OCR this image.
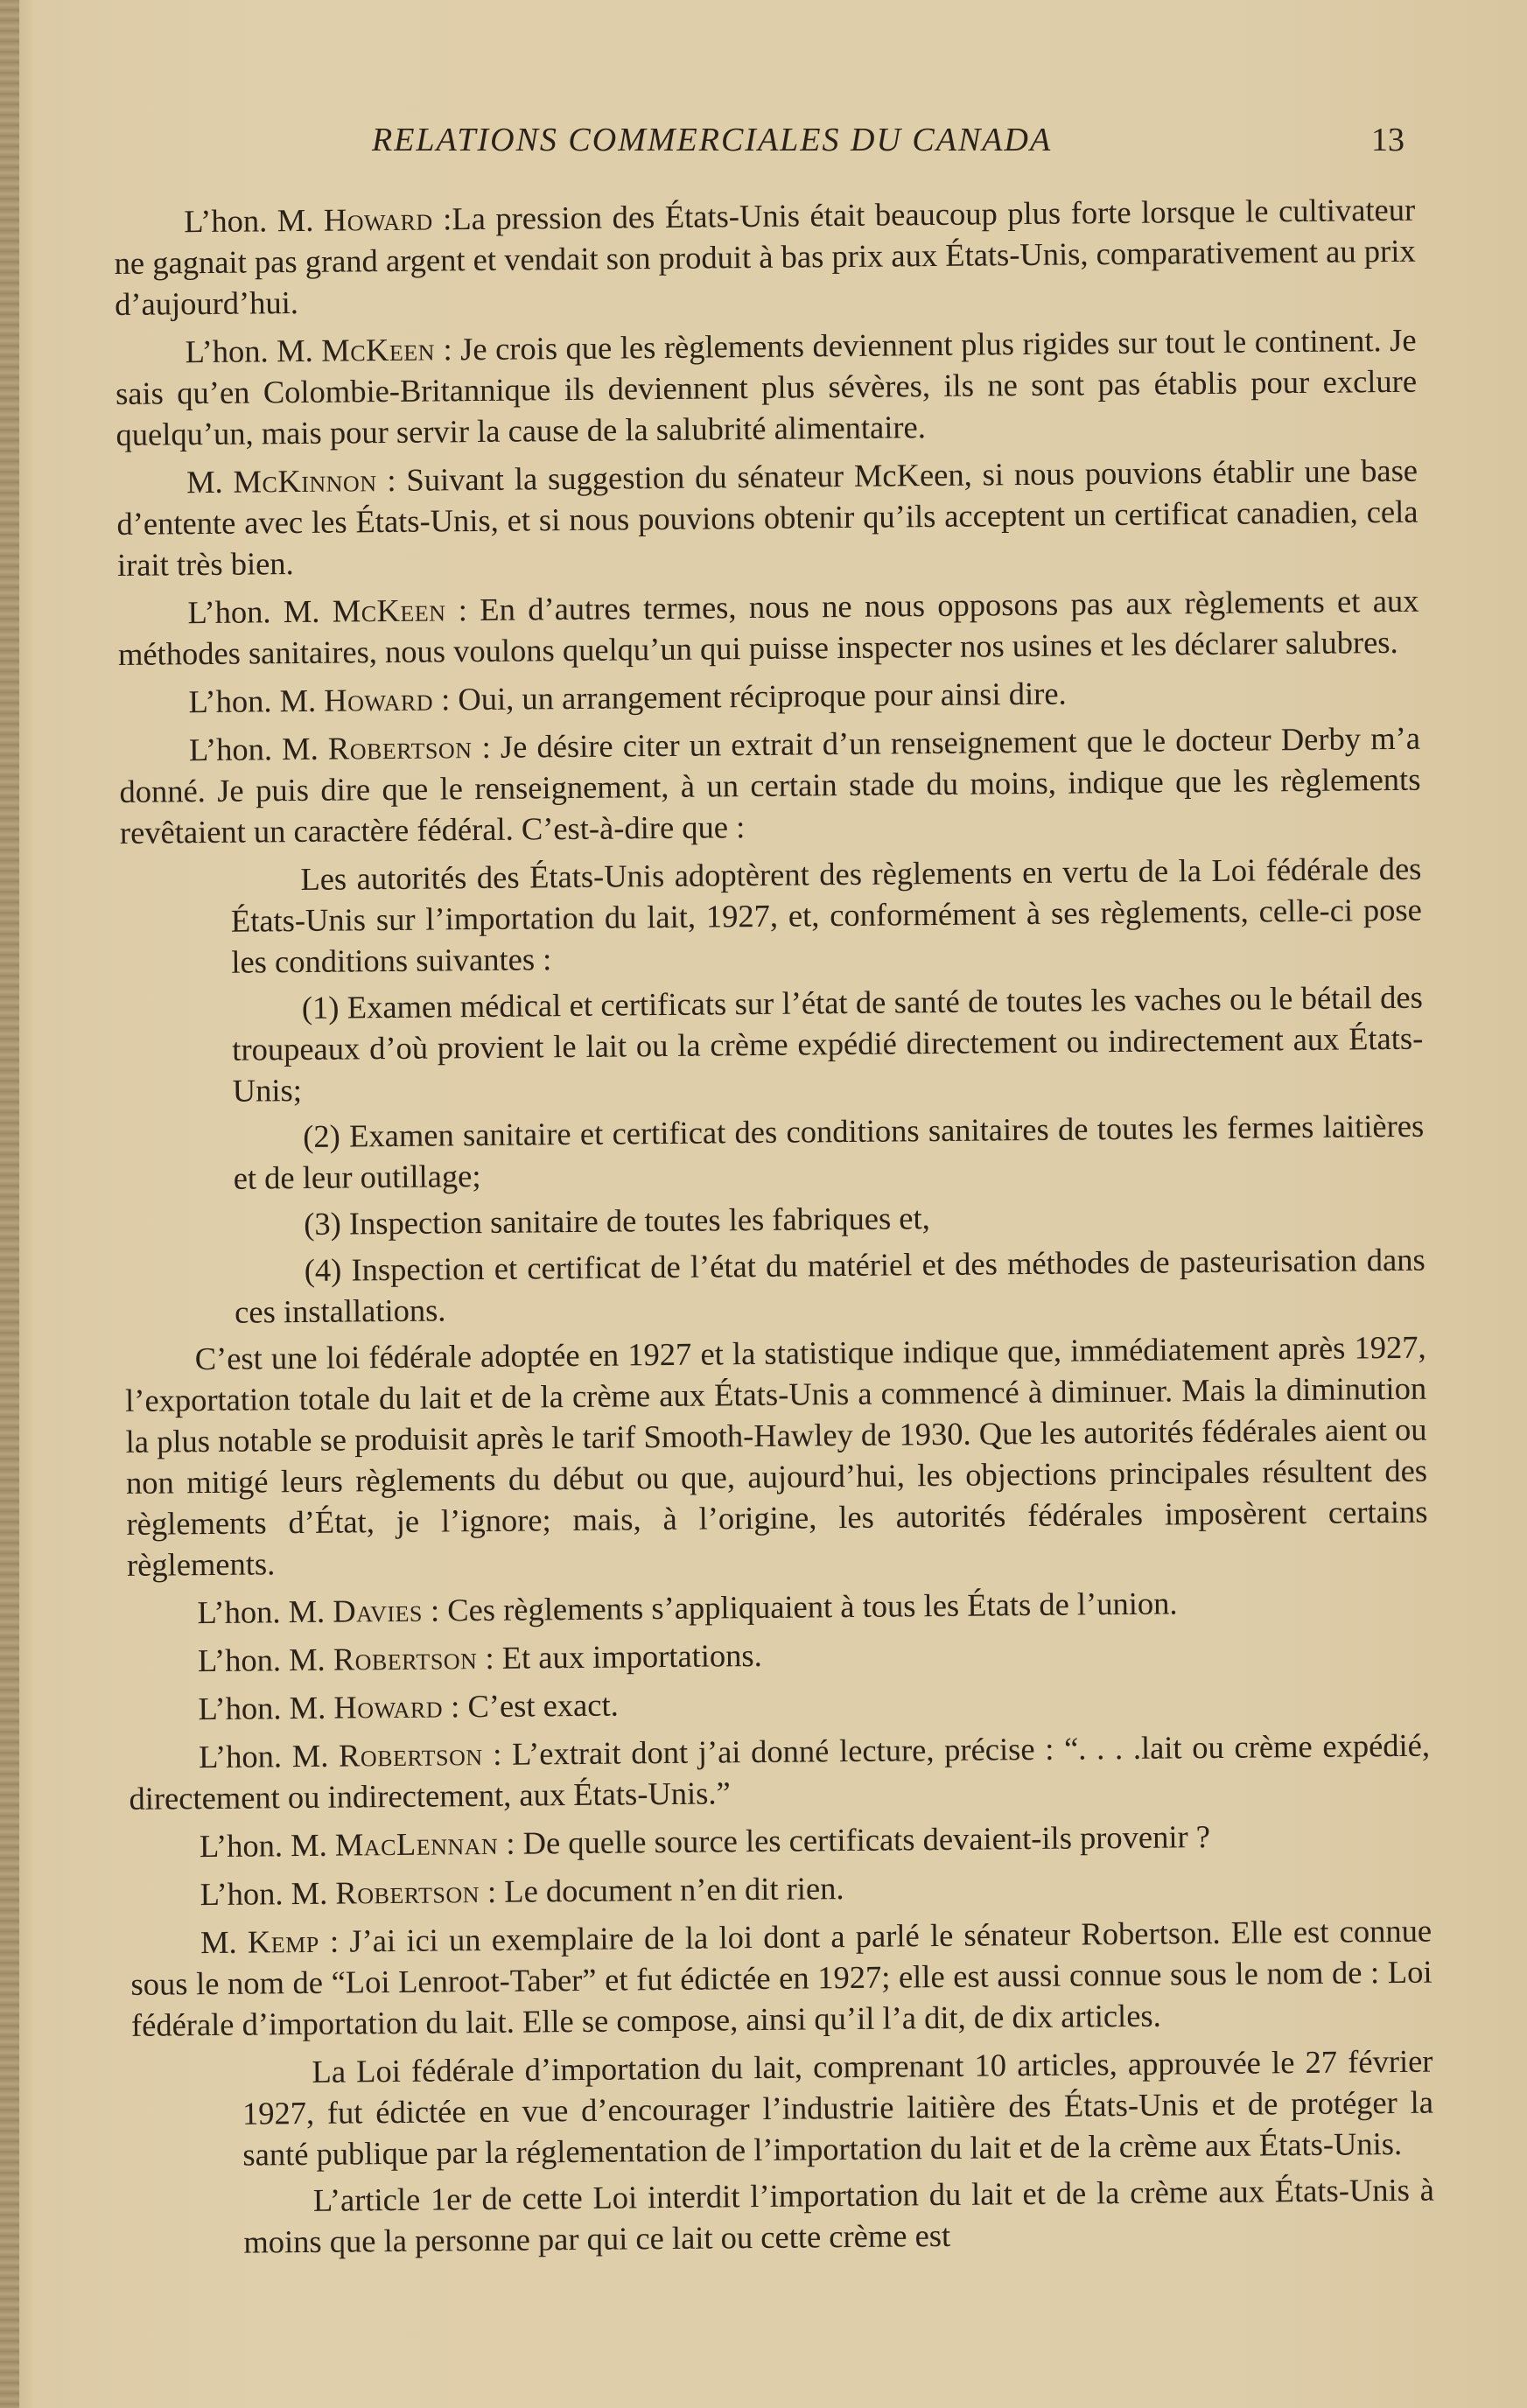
RELATIONS COMMERCIALES DU CANADA	13

L’hon. M. Howard :La pression des États-Unis était beaucoup plus forte lorsque le cultivateur ne gagnait pas grand argent et vendait son produit à bas prix aux États-Unis, comparativement au prix d’aujourd’hui.

L’hon. M. McKeen : Je crois que les règlements deviennent plus rigides sur tout le continent. Je sais qu’en Colombie-Britannique ils deviennent plus sévères, ils ne sont pas établis pour exclure quelqu’un, mais pour servir la cause de la salubrité alimentaire.

M. McKinnon : Suivant la suggestion du sénateur McKeen, si nous pouvions établir une base d’entente avec les États-Unis, et si nous pouvions obtenir qu’ils acceptent un certificat canadien, cela irait très bien.

L’hon. M. McKeen : En d’autres termes, nous ne nous opposons pas aux règlements et aux méthodes sanitaires, nous voulons quelqu’un qui puisse inspecter nos usines et les déclarer salubres.

L’hon. M. Howard : Oui, un arrangement réciproque pour ainsi dire.

L’hon. M. Robertson : Je désire citer un extrait d’un renseignement que le docteur Derby m’a donné. Je puis dire que le renseignement, à un certain stade du moins, indique que les règlements revêtaient un caractère fédéral. C’est-à-dire que :

Les autorités des États-Unis adoptèrent des règlements en vertu de la Loi fédérale des États-Unis sur l’importation du lait, 1927, et, conformément à ses règlements, celle-ci pose les conditions suivantes :

(1) Examen médical et certificats sur l’état de santé de toutes les vaches ou le bétail des troupeaux d’où provient le lait ou la crème expédié directement ou indirectement aux États-Unis;

(2) Examen sanitaire et certificat des conditions sanitaires de toutes les fermes laitières et de leur outillage;

(3) Inspection sanitaire de toutes les fabriques et,

(4) Inspection et certificat de l’état du matériel et des méthodes de pasteurisation dans ces installations.

C’est une loi fédérale adoptée en 1927 et la statistique indique que, immédiatement après 1927, l’exportation totale du lait et de la crème aux États-Unis a commencé à diminuer. Mais la diminution la plus notable se produisit après le tarif Smooth-Hawley de 1930. Que les autorités fédérales aient ou non mitigé leurs règlements du début ou que, aujourd’hui, les objections principales résultent des règlements d’État, je l’ignore; mais, à l’origine, les autorités fédérales imposèrent certains règlements.

L’hon. M. Davies : Ces règlements s’appliquaient à tous les États de l’union.

L’hon. M. Robertson : Et aux importations.

L’hon. M. Howard : C’est exact.

L’hon. M. Robertson : L’extrait dont j’ai donné lecture, précise : “. . . .lait ou crème expédié, directement ou indirectement, aux États-Unis.”

L’hon. M. MacLennan : De quelle source les certificats devaient-ils provenir ?

L’hon. M. Robertson : Le document n’en dit rien.

M. Kemp : J’ai ici un exemplaire de la loi dont a parlé le sénateur Robertson. Elle est connue sous le nom de “Loi Lenroot-Taber” et fut édictée en 1927; elle est aussi connue sous le nom de : Loi fédérale d’importation du lait. Elle se compose, ainsi qu’il l’a dit, de dix articles.

La Loi fédérale d’importation du lait, comprenant 10 articles, approuvée le 27 février 1927, fut édictée en vue d’encourager l’industrie laitière des États-Unis et de protéger la santé publique par la réglementation de l’importation du lait et de la crème aux États-Unis.

L’article 1er de cette Loi interdit l’importation du lait et de la crème aux États-Unis à moins que la personne par qui ce lait ou cette crème est
